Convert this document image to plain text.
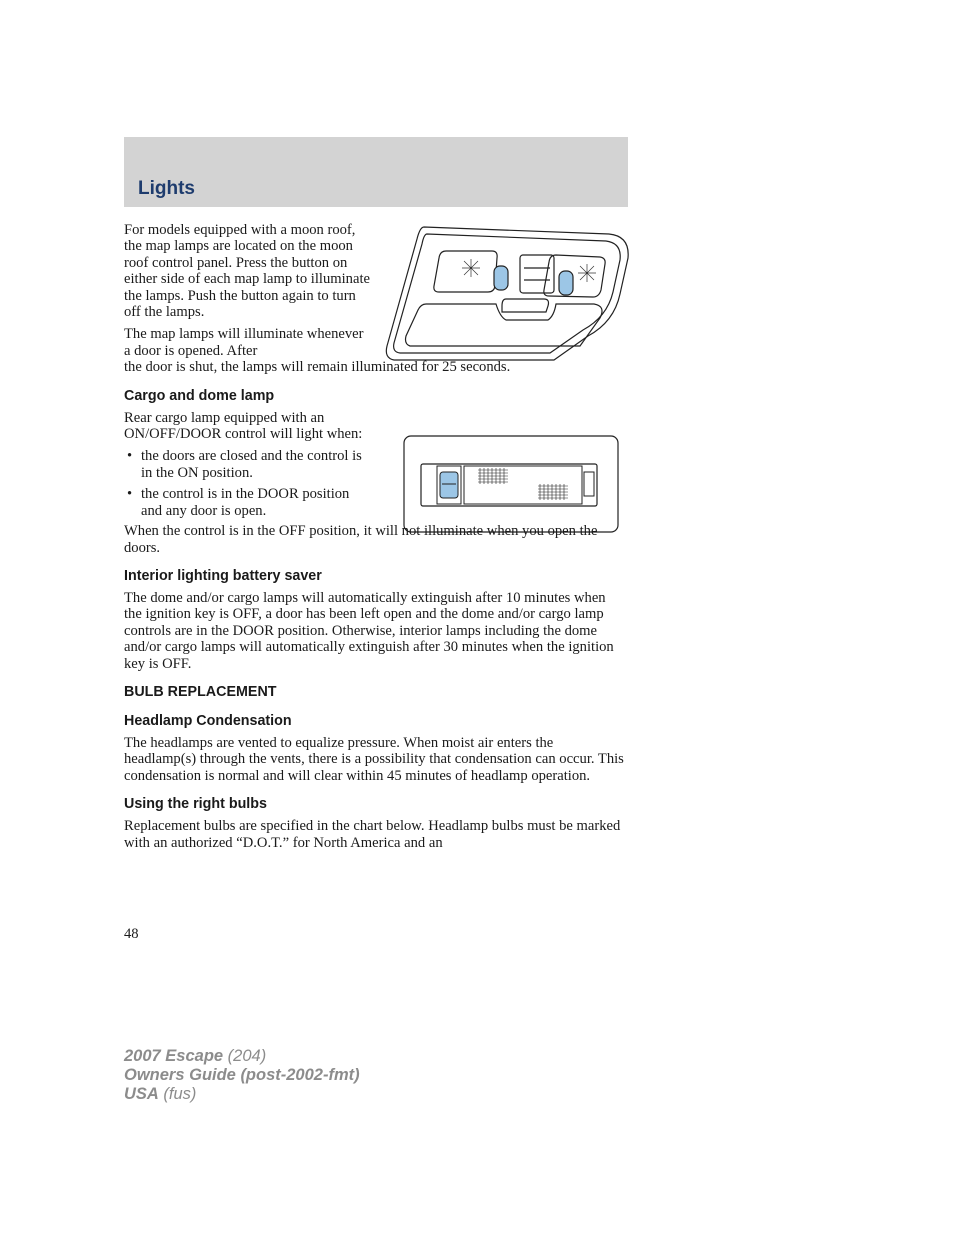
Lights

For models equipped with a moon roof, the map lamps are located on the moon roof control panel. Press the button on either side of each map lamp to illuminate the lamps. Push the button again to turn off the lamps.

The map lamps will illuminate whenever a door is opened. After

the door is shut, the lamps will remain illuminated for 25 seconds.

Cargo and dome lamp

Rear cargo lamp equipped with an ON/OFF/DOOR control will light when:

• the doors are closed and the control is in the ON position.
• the control is in the DOOR position and any door is open.

When the control is in the OFF position, it will not illuminate when you open the doors.

Interior lighting battery saver

The dome and/or cargo lamps will automatically extinguish after 10 minutes when the ignition key is OFF, a door has been left open and the dome and/or cargo lamp controls are in the DOOR position. Otherwise, interior lamps including the dome and/or cargo lamps will automatically extinguish after 30 minutes when the ignition key is OFF.

BULB REPLACEMENT
Headlamp Condensation

The headlamps are vented to equalize pressure. When moist air enters the headlamp(s) through the vents, there is a possibility that condensation can occur. This condensation is normal and will clear within 45 minutes of headlamp operation.

Using the right bulbs

Replacement bulbs are specified in the chart below. Headlamp bulbs must be marked with an authorized “D.O.T.” for North America and an

48
2007 Escape (204)
Owners Guide (post-2002-fmt)
USA (fus)
